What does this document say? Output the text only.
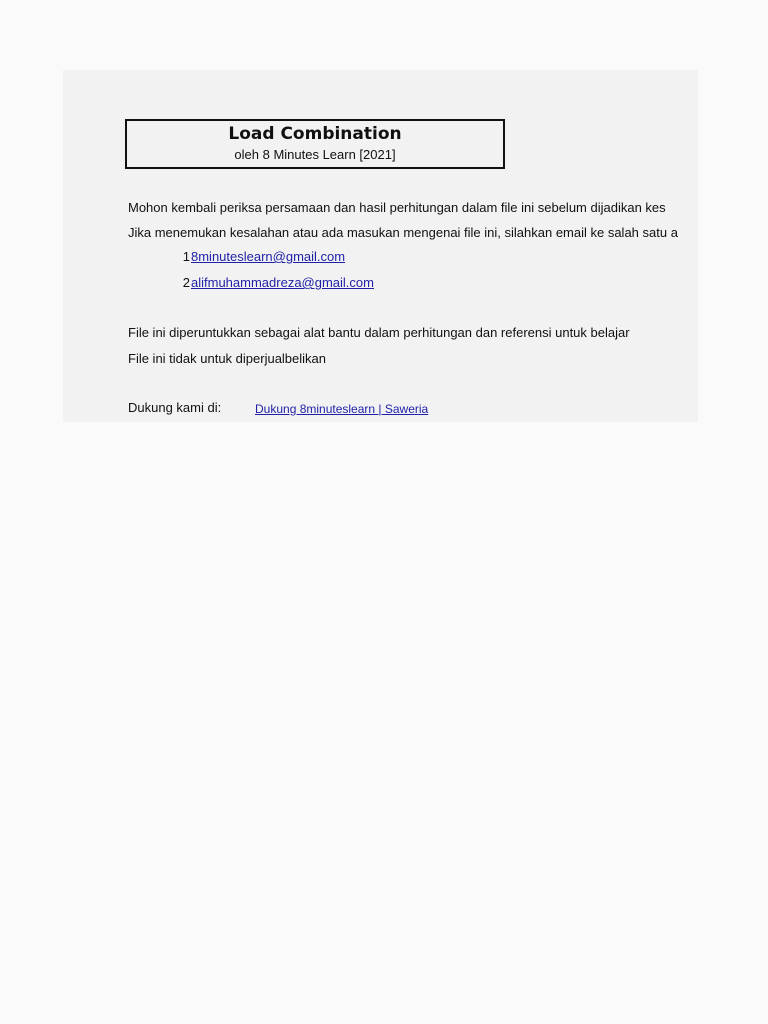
Load Combination
oleh 8 Minutes Learn [2021]
Mohon kembali periksa persamaan dan hasil perhitungan dalam file ini sebelum dijadikan kes
Jika menemukan kesalahan atau ada masukan mengenai file ini, silahkan email ke salah satu a
18minuteslearn@gmail.com
2alifmuhammadreza@gmail.com
File ini diperuntukkan sebagai alat bantu dalam perhitungan dan referensi untuk belajar
File ini tidak untuk diperjualbelikan
Dukung kami di:	Dukung 8minuteslearn | Saweria
